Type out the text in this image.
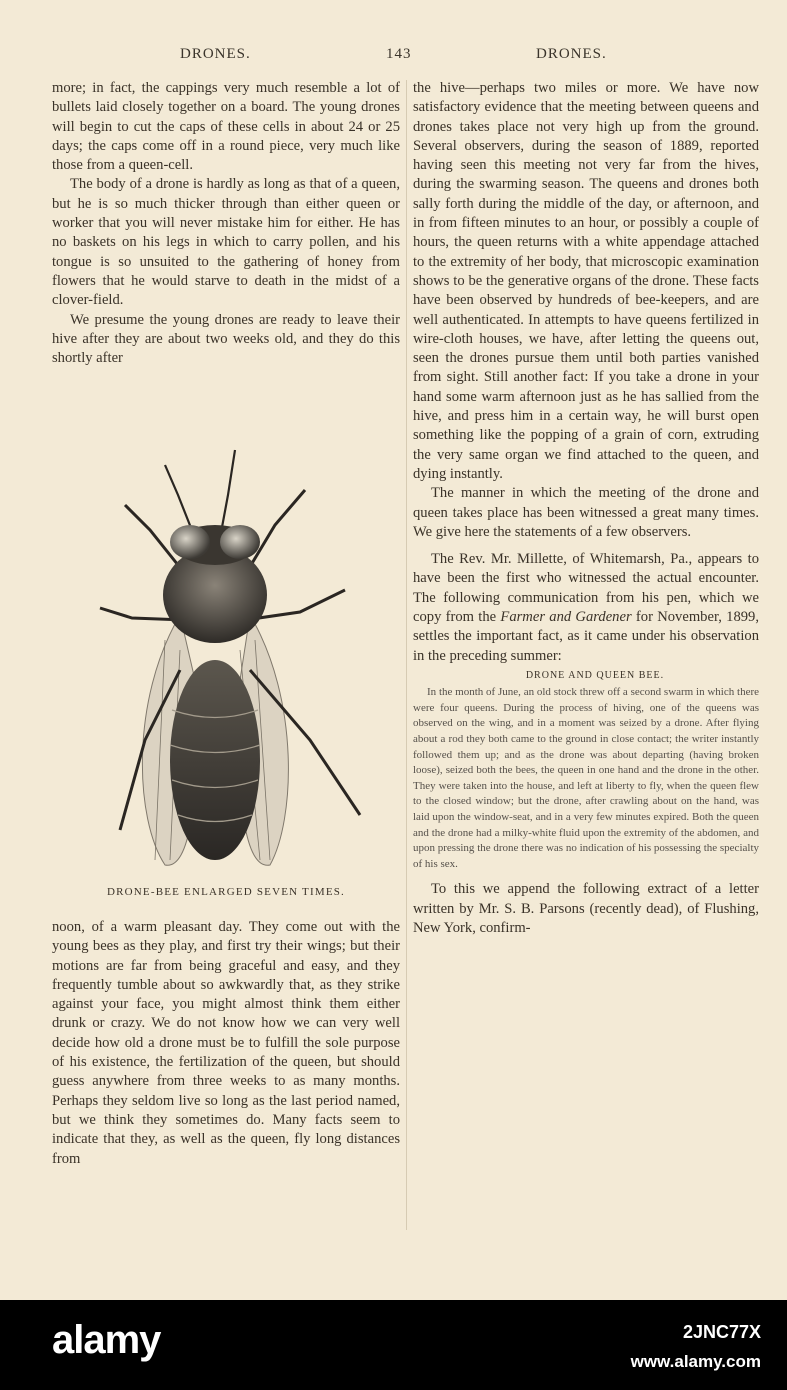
DRONES.	143	DRONES.

more; in fact, the cappings very much resemble a lot of bullets laid closely together on a board. The young drones will begin to cut the caps of these cells in about 24 or 25 days; the caps come off in a round piece, very much like those from a queen-cell.

The body of a drone is hardly as long as that of a queen, but he is so much thicker through than either queen or worker that you will never mistake him for either. He has no baskets on his legs in which to carry pollen, and his tongue is so unsuited to the gathering of honey from flowers that he would starve to death in the midst of a clover-field.

We presume the young drones are ready to leave their hive after they are about two weeks old, and they do this shortly after

DRONE-BEE ENLARGED SEVEN TIMES.

noon, of a warm pleasant day. They come out with the young bees as they play, and first try their wings; but their motions are far from being graceful and easy, and they frequently tumble about so awkwardly that, as they strike against your face, you might almost think them either drunk or crazy. We do not know how we can very well decide how old a drone must be to fulfill the sole purpose of his existence, the fertilization of the queen, but should guess anywhere from three weeks to as many months. Perhaps they seldom live so long as the last period named, but we think they sometimes do. Many facts seem to indicate that they, as well as the queen, fly long distances from

the hive—perhaps two miles or more. We have now satisfactory evidence that the meeting between queens and drones takes place not very high up from the ground. Several observers, during the season of 1889, reported having seen this meeting not very far from the hives, during the swarming season. The queens and drones both sally forth during the middle of the day, or afternoon, and in from fifteen minutes to an hour, or possibly a couple of hours, the queen returns with a white appendage attached to the extremity of her body, that microscopic examination shows to be the generative organs of the drone. These facts have been observed by hundreds of bee-keepers, and are well authenticated. In attempts to have queens fertilized in wire-cloth houses, we have, after letting the queens out, seen the drones pursue them until both parties vanished from sight. Still another fact: If you take a drone in your hand some warm afternoon just as he has sallied from the hive, and press him in a certain way, he will burst open something like the popping of a grain of corn, extruding the very same organ we find attached to the queen, and dying instantly.

The manner in which the meeting of the drone and queen takes place has been witnessed a great many times. We give here the statements of a few observers.

The Rev. Mr. Millette, of Whitemarsh, Pa., appears to have been the first who witnessed the actual encounter. The following communication from his pen, which we copy from the Farmer and Gardener for November, 1899, settles the important fact, as it came under his observation in the preceding summer:

DRONE AND QUEEN BEE.

In the month of June, an old stock threw off a second swarm in which there were four queens. During the process of hiving, one of the queens was observed on the wing, and in a moment was seized by a drone. After flying about a rod they both came to the ground in close contact; the writer instantly followed them up; and as the drone was about departing (having broken loose), seized both the bees, the queen in one hand and the drone in the other. They were taken into the house, and left at liberty to fly, when the queen flew to the closed window; but the drone, after crawling about on the hand, was laid upon the window-seat, and in a very few minutes expired. Both the queen and the drone had a milky-white fluid upon the extremity of the abdomen, and upon pressing the drone there was no indication of his possessing the specialty of his sex.

To this we append the following extract of a letter written by Mr. S. B. Parsons (recently dead), of Flushing, New York, confirm-

alamy	2JNC77X
www.alamy.com
